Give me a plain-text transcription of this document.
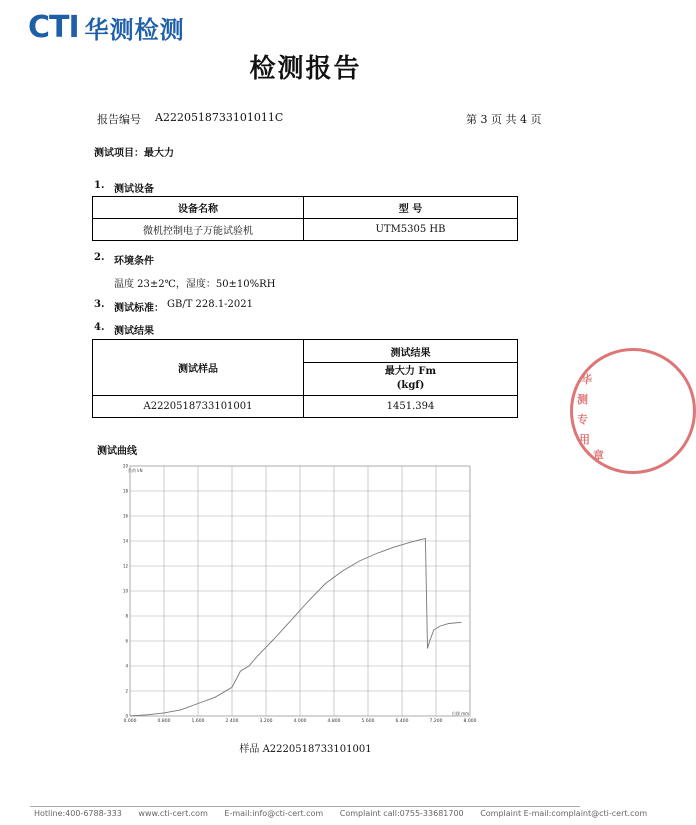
CTI 华测检测
检测报告
报告编号 A2220518733101011C	第 3 页 共 4 页
测试项目：最大力
1. 测试设备
设备名称	型 号
微机控制电子万能试验机	UTM5305 HB
2. 环境条件
温度 23±2℃，湿度：50±10%RH
3. 测试标准： GB/T 228.1-2021
4. 测试结果
测试样品	测试结果

	最大力 Fm
(kgf)

A2220518733101001	1451.394
测试曲线
0
2
4
6
8
10
12
14
16
18
20
0.000	0.800	1.600	2.400	3.200	4.000	4.800	5.600	6.400	7.200	8.000
负荷 kN
位移 mm
样品 A2220518733101001
华
测
专
用
章
Hotline:400-6788-333 www.cti-cert.com E-mail:info@cti-cert.com Complaint call:0755-33681700 Complaint E-mail:complaint@cti-cert.com
